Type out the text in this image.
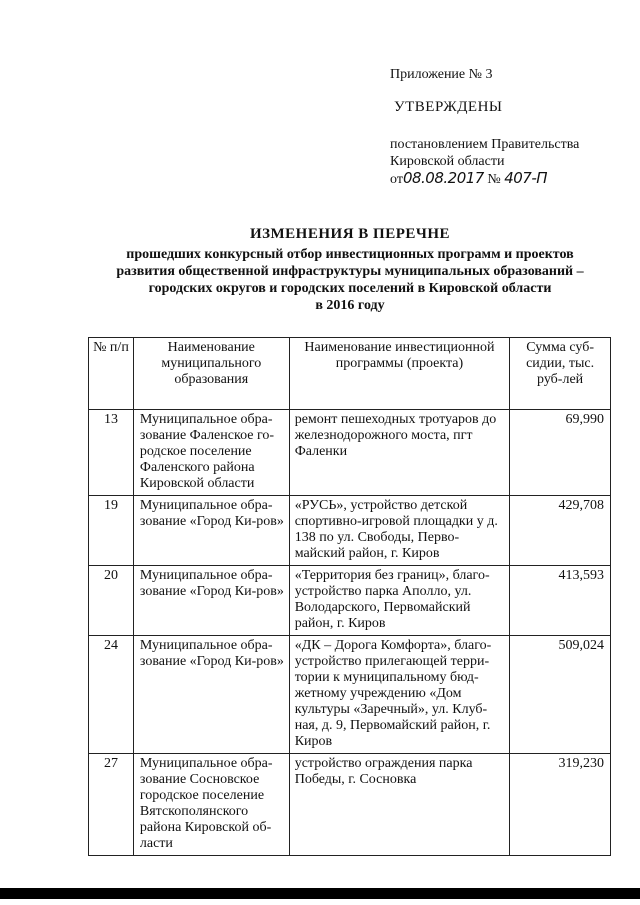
Приложение № 3

УТВЕРЖДЕНЫ

постановлением Правительства
Кировской области
от08.08.2017 № 407-П
ИЗМЕНЕНИЯ В ПЕРЕЧНЕ
прошедших конкурсный отбор инвестиционных программ и проектов
развития общественной инфраструктуры муниципальных образований –
городских округов и городских поселений в Кировской области
в 2016 году
№ п/п	Наименование муниципального образования	Наименование инвестиционной программы (проекта)	Сумма суб-сидии, тыс. руб-лей
13	Муниципальное обра-зование Фаленское го-родское поселение Фаленского района Кировской области	ремонт пешеходных тротуаров до железнодорожного моста, пгт Фаленки	69,990
19	Муниципальное обра-зование «Город Ки-ров»	«РУСЬ», устройство детской спортивно-игровой площадки у д. 138 по ул. Свободы, Перво-майский район, г. Киров	429,708
20	Муниципальное обра-зование «Город Ки-ров»	«Территория без границ», благо-устройство парка Аполло, ул. Володарского, Первомайский район, г. Киров	413,593
24	Муниципальное обра-зование «Город Ки-ров»	«ДК – Дорога Комфорта», благо-устройство прилегающей терри-тории к муниципальному бюд-жетному учреждению «Дом культуры «Заречный», ул. Клуб-ная, д. 9, Первомайский район, г. Киров	509,024
27	Муниципальное обра-зование Сосновское городское поселение Вятскополянского района Кировской об-ласти	устройство ограждения парка Победы, г. Сосновка	319,230
